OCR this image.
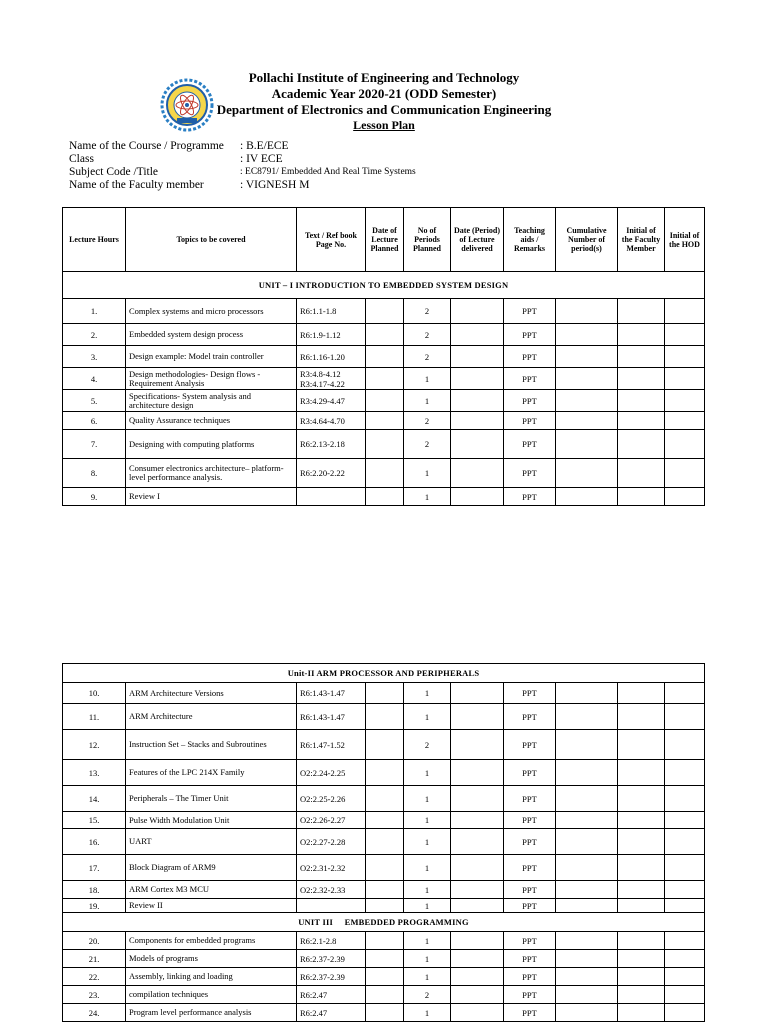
Pollachi Institute of Engineering and Technology
Academic Year 2020-21 (ODD Semester)
Department of Electronics and Communication Engineering
Lesson Plan
Name of the Course / Programme	: B.E/ECE
Class	: IV ECE
Subject Code /Title	: EC8791/ Embedded And Real Time Systems
Name of the Faculty member	: VIGNESH M
Lecture Hours	Topics to be covered	Text / Ref book Page No.	Date of Lecture Planned	No of Periods Planned	Date (Period) of Lecture delivered	Teaching aids / Remarks	Cumulative Number of period(s)	Initial of the Faculty Member	Initial of the HOD
UNIT – I INTRODUCTION TO EMBEDDED SYSTEM DESIGN									
1.	Complex systems and micro processors	R6:1.1-1.8		2		PPT			
2.	Embedded system design process	R6:1.9-1.12		2		PPT			
3.	Design example: Model train controller	R6:1.16-1.20		2		PPT			
4.	Design methodologies- Design flows - Requirement Analysis	R3:4.8-4.12 R3:4.17-4.22		1		PPT			
5.	Specifications- System analysis and architecture design	R3:4.29-4.47		1		PPT			
6.	Quality Assurance techniques	R3:4.64-4.70		2		PPT			
7.	Designing with computing platforms	R6:2.13-2.18		2		PPT			
8.	Consumer electronics architecture– platform-level performance analysis.	R6:2.20-2.22		1		PPT			
9.	Review I			1		PPT			
Unit-II ARM PROCESSOR AND PERIPHERALS									
10.	ARM Architecture Versions	R6:1.43-1.47		1		PPT			
11.	ARM Architecture	R6:1.43-1.47		1		PPT			
12.	Instruction Set – Stacks and Subroutines	R6:1.47-1.52		2		PPT			
13.	Features of the LPC 214X Family	O2:2.24-2.25		1		PPT			
14.	Peripherals – The Timer Unit	O2:2.25-2.26		1		PPT			
15.	Pulse Width Modulation Unit	O2:2.26-2.27		1		PPT			
16.	UART	O2:2.27-2.28		1		PPT			
17.	Block Diagram of ARM9	O2:2.31-2.32		1		PPT			
18.	ARM Cortex M3 MCU	O2:2.32-2.33		1		PPT			
19.	Review II			1		PPT			
UNIT III     EMBEDDED PROGRAMMING									
20.	Components for embedded programs	R6:2.1-2.8		1		PPT			
21.	Models of programs	R6:2.37-2.39		1		PPT			
22.	Assembly, linking and loading	R6:2.37-2.39		1		PPT			
23.	compilation techniques	R6:2.47		2		PPT			
24.	Program level performance analysis	R6:2.47		1		PPT			
